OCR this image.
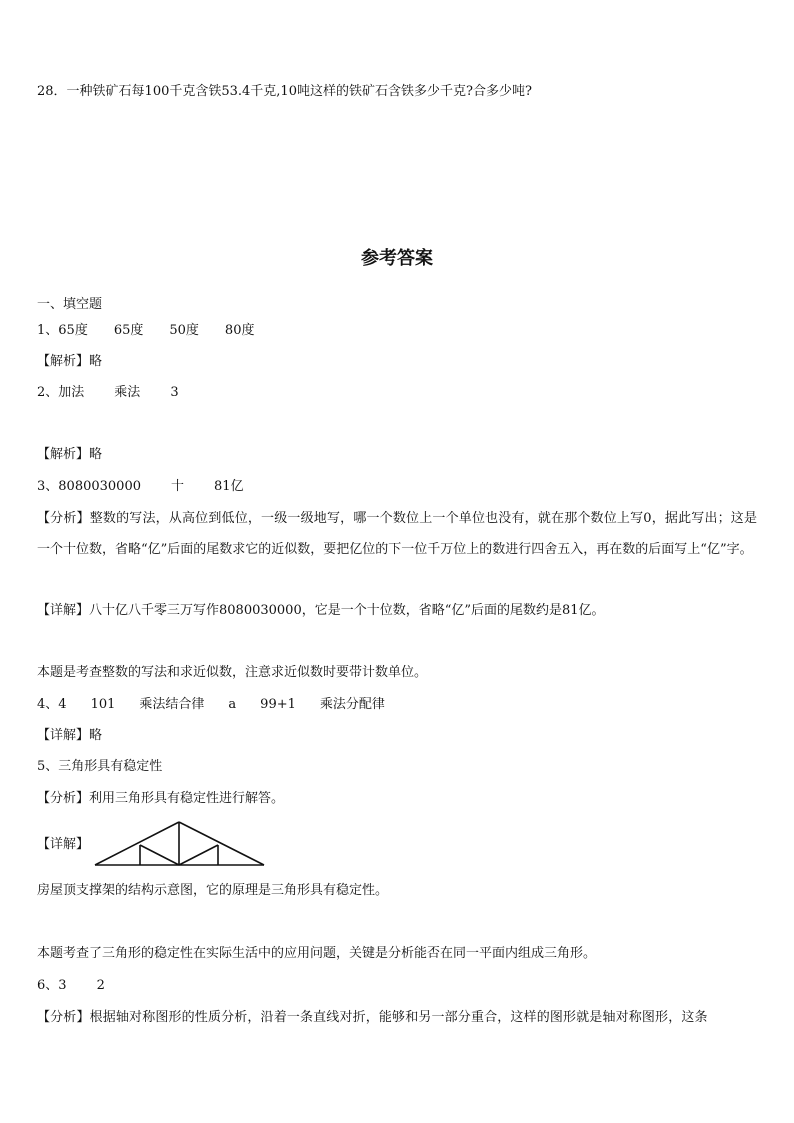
28．一种铁矿石每100千克含铁53.4千克,10吨这样的铁矿石含铁多少千克?合多少吨?
参考答案
一、填空题
1、65度 65度 50度 80度
【解析】略
2、加法 乘法 3
【解析】略
3、8080030000 十 81亿
【分析】整数的写法，从高位到低位，一级一级地写，哪一个数位上一个单位也没有，就在那个数位上写0，据此写出；这是一个十位数，省略“亿”后面的尾数求它的近似数，要把亿位的下一位千万位上的数进行四舍五入，再在数的后面写上“亿”字。
【详解】八十亿八千零三万写作8080030000，它是一个十位数，省略“亿”后面的尾数约是81亿。
本题是考查整数的写法和求近似数，注意求近似数时要带计数单位。
4、4 101 乘法结合律 a 99+1 乘法分配律
【详解】略
5、三角形具有稳定性
【分析】利用三角形具有稳定性进行解答。
【详解】
房屋顶支撑架的结构示意图，它的原理是三角形具有稳定性。
本题考查了三角形的稳定性在实际生活中的应用问题，关键是分析能否在同一平面内组成三角形。
6、3 2
【分析】根据轴对称图形的性质分析，沿着一条直线对折，能够和另一部分重合，这样的图形就是轴对称图形，这条
